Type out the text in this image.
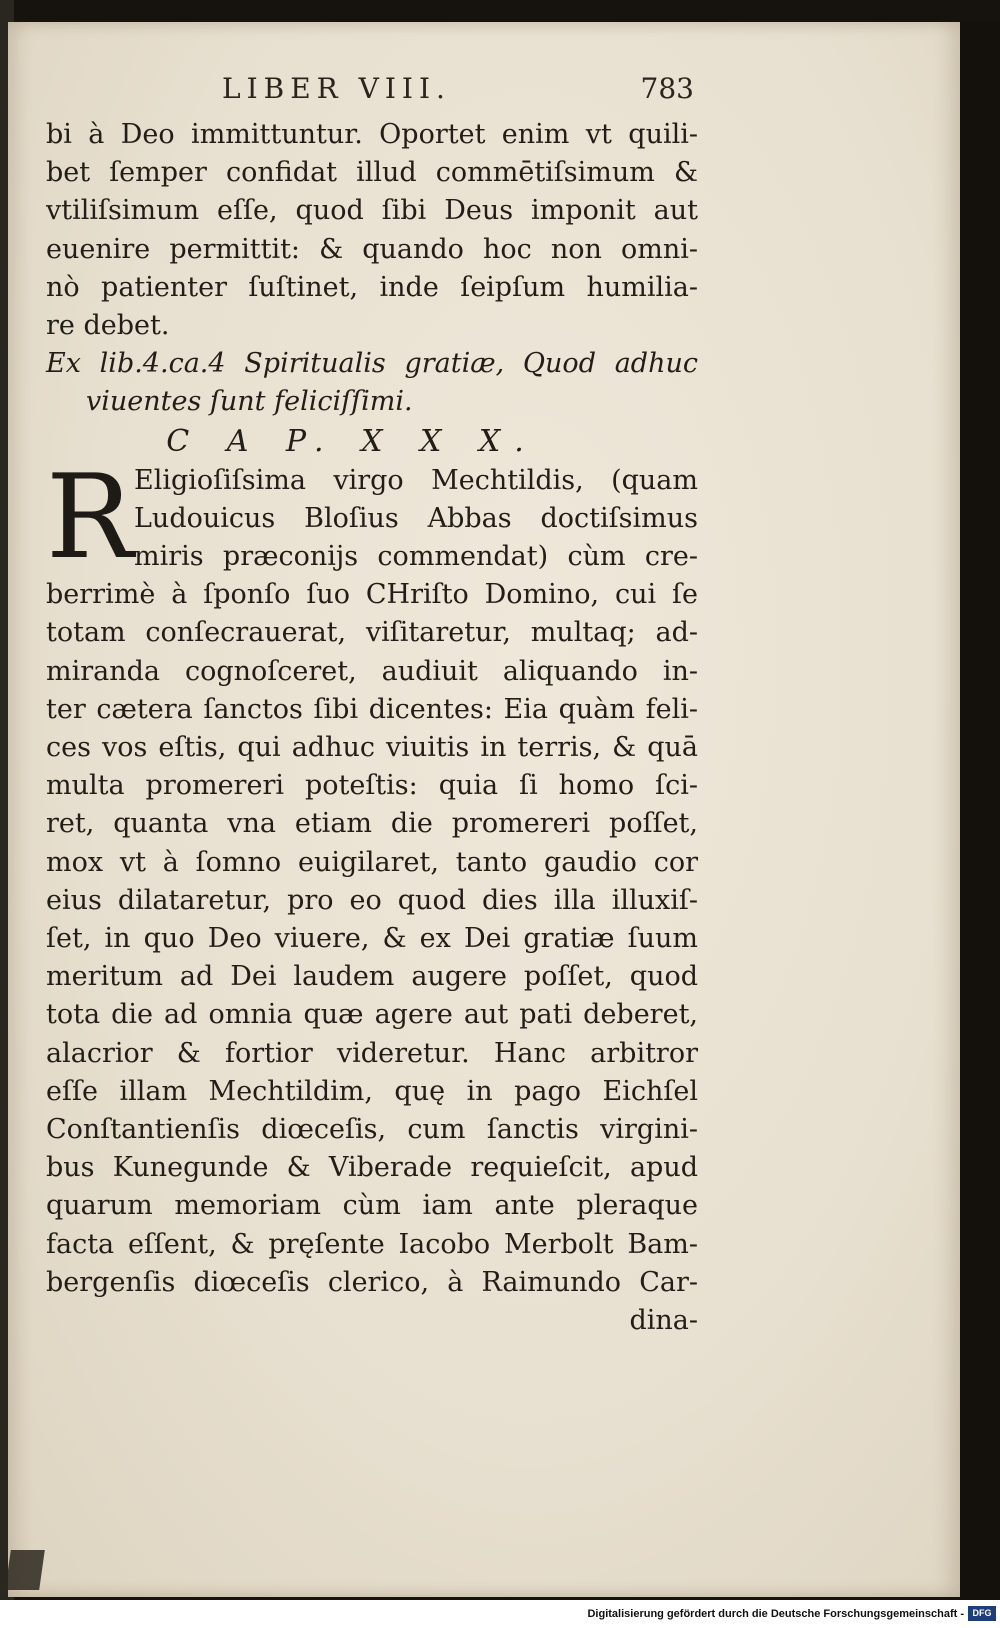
LIBER VIII.	783
bi à Deo immittuntur. Oportet enim vt quili-
bet ſemper confidat illud commētiſsimum &
vtiliſsimum eſſe, quod ſibi Deus imponit aut
euenire permittit: & quando hoc non omni-
nò patienter ſuſtinet, inde ſeipſum humilia-
re debet.
Ex lib.4.ca.4 Spiritualis gratiæ, Quod adhuc
viuentes ſunt feliciſſimi.
C A P. X X X.
R Eligioſiſsima virgo Mechtildis, (quam
Ludouicus Bloſius Abbas doctiſsimus
miris præconijs commendat) cùm cre-
berrimè à ſponſo ſuo CHriſto Domino, cui ſe
totam conſecrauerat, viſitaretur, multaq; ad-
miranda cognoſceret, audiuit aliquando in-
ter cætera ſanctos ſibi dicentes: Eia quàm feli-
ces vos eſtis, qui adhuc viuitis in terris, & quā
multa promereri poteſtis: quia ſi homo ſci-
ret, quanta vna etiam die promereri poſſet,
mox vt à ſomno euigilaret, tanto gaudio cor
eius dilataretur, pro eo quod dies illa illuxiſ-
ſet, in quo Deo viuere, & ex Dei gratiæ ſuum
meritum ad Dei laudem augere poſſet, quod
tota die ad omnia quæ agere aut pati deberet,
alacrior & fortior videretur. Hanc arbitror
eſſe illam Mechtildim, quę in pago Eichſel
Conſtantienſis diœceſis, cum ſanctis virgini-
bus Kunegunde & Viberade requieſcit, apud
quarum memoriam cùm iam ante pleraque
facta eſſent, & pręſente Iacobo Merbolt Bam-
bergenſis diœceſis clerico, à Raimundo Car-
dina-
Digitalisierung gefördert durch die Deutsche Forschungsgemeinschaft - DFG
